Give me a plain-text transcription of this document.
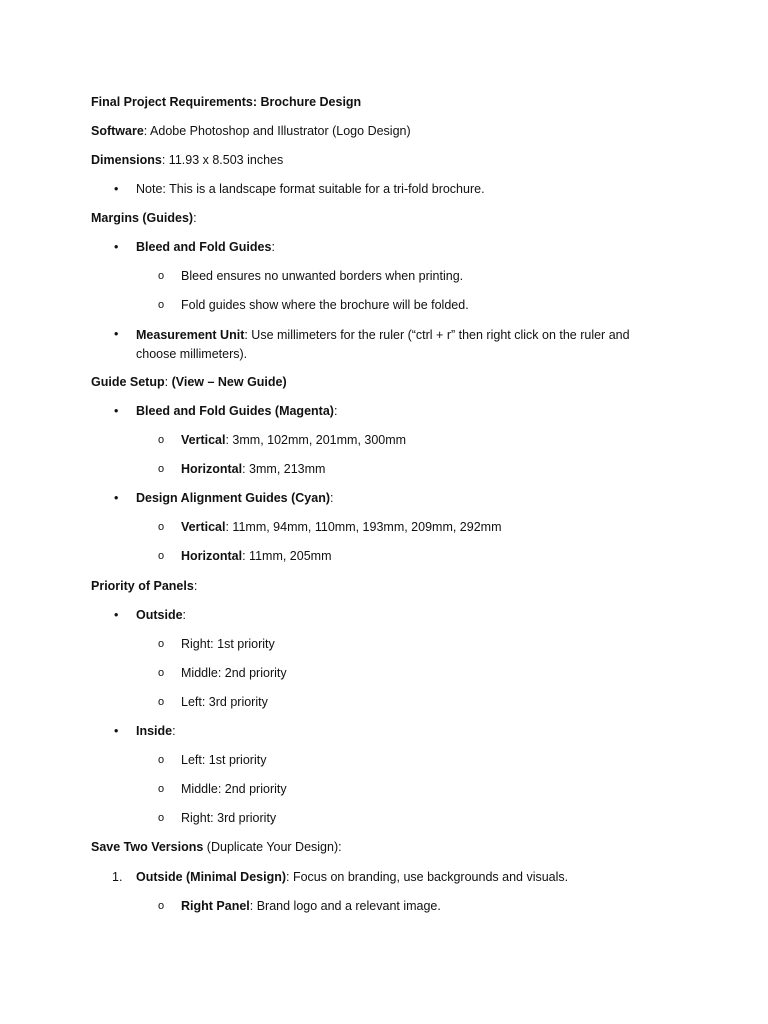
Final Project Requirements: Brochure Design
Software: Adobe Photoshop and Illustrator (Logo Design)
Dimensions: 11.93 x 8.503 inches
•	Note: This is a landscape format suitable for a tri-fold brochure.
Margins (Guides):
•	Bleed and Fold Guides:
o	Bleed ensures no unwanted borders when printing.
o	Fold guides show where the brochure will be folded.
•	Measurement Unit: Use millimeters for the ruler (“ctrl + r” then right click on the ruler and choose millimeters).
Guide Setup: (View – New Guide)
•	Bleed and Fold Guides (Magenta):
o	Vertical: 3mm, 102mm, 201mm, 300mm
o	Horizontal: 3mm, 213mm
•	Design Alignment Guides (Cyan):
o	Vertical: 11mm, 94mm, 110mm, 193mm, 209mm, 292mm
o	Horizontal: 11mm, 205mm
Priority of Panels:
•	Outside:
o	Right: 1st priority
o	Middle: 2nd priority
o	Left: 3rd priority
•	Inside:
o	Left: 1st priority
o	Middle: 2nd priority
o	Right: 3rd priority
Save Two Versions (Duplicate Your Design):
1.	Outside (Minimal Design): Focus on branding, use backgrounds and visuals.
o	Right Panel: Brand logo and a relevant image.
